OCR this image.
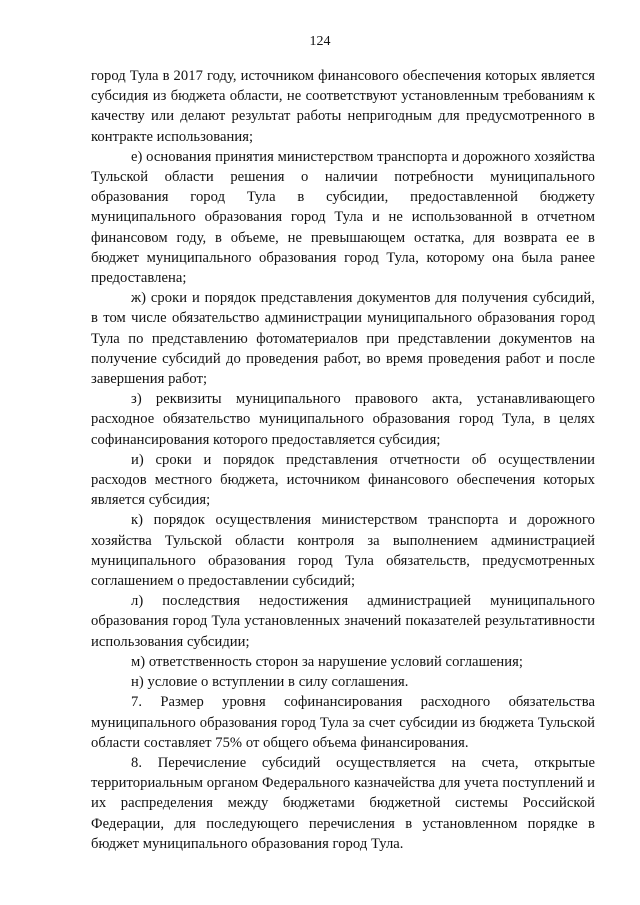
124

город Тула в 2017 году, источником финансового обеспечения которых является субсидия из бюджета области, не соответствуют установленным требованиям к качеству или делают результат работы непригодным для предусмотренного в контракте использования;

е) основания принятия министерством транспорта и дорожного хозяйства Тульской области решения о наличии потребности муниципального образования город Тула в субсидии, предоставленной бюджету муниципального образования город Тула и не использованной в отчетном финансовом году, в объеме, не превышающем остатка, для возврата ее в бюджет муниципального образования город Тула, которому она была ранее предоставлена;

ж) сроки и порядок представления документов для получения субсидий, в том числе обязательство администрации муниципального образования город Тула по представлению фотоматериалов при представлении документов на получение субсидий до проведения работ, во время проведения работ и после завершения работ;

з) реквизиты муниципального правового акта, устанавливающего расходное обязательство муниципального образования город Тула, в целях софинансирования которого предоставляется субсидия;

и) сроки и порядок представления отчетности об осуществлении расходов местного бюджета, источником финансового обеспечения которых является субсидия;

к) порядок осуществления министерством транспорта и дорожного хозяйства Тульской области контроля за выполнением администрацией муниципального образования город Тула обязательств, предусмотренных соглашением о предоставлении субсидий;

л) последствия недостижения администрацией муниципального образования город Тула установленных значений показателей результативности использования субсидии;

м) ответственность сторон за нарушение условий соглашения;

н) условие о вступлении в силу соглашения.

7. Размер уровня софинансирования расходного обязательства муниципального образования город Тула за счет субсидии из бюджета Тульской области составляет 75% от общего объема финансирования.

8. Перечисление субсидий осуществляется на счета, открытые территориальным органом Федерального казначейства для учета поступлений и их распределения между бюджетами бюджетной системы Российской Федерации, для последующего перечисления в установленном порядке в бюджет муниципального образования город Тула.
